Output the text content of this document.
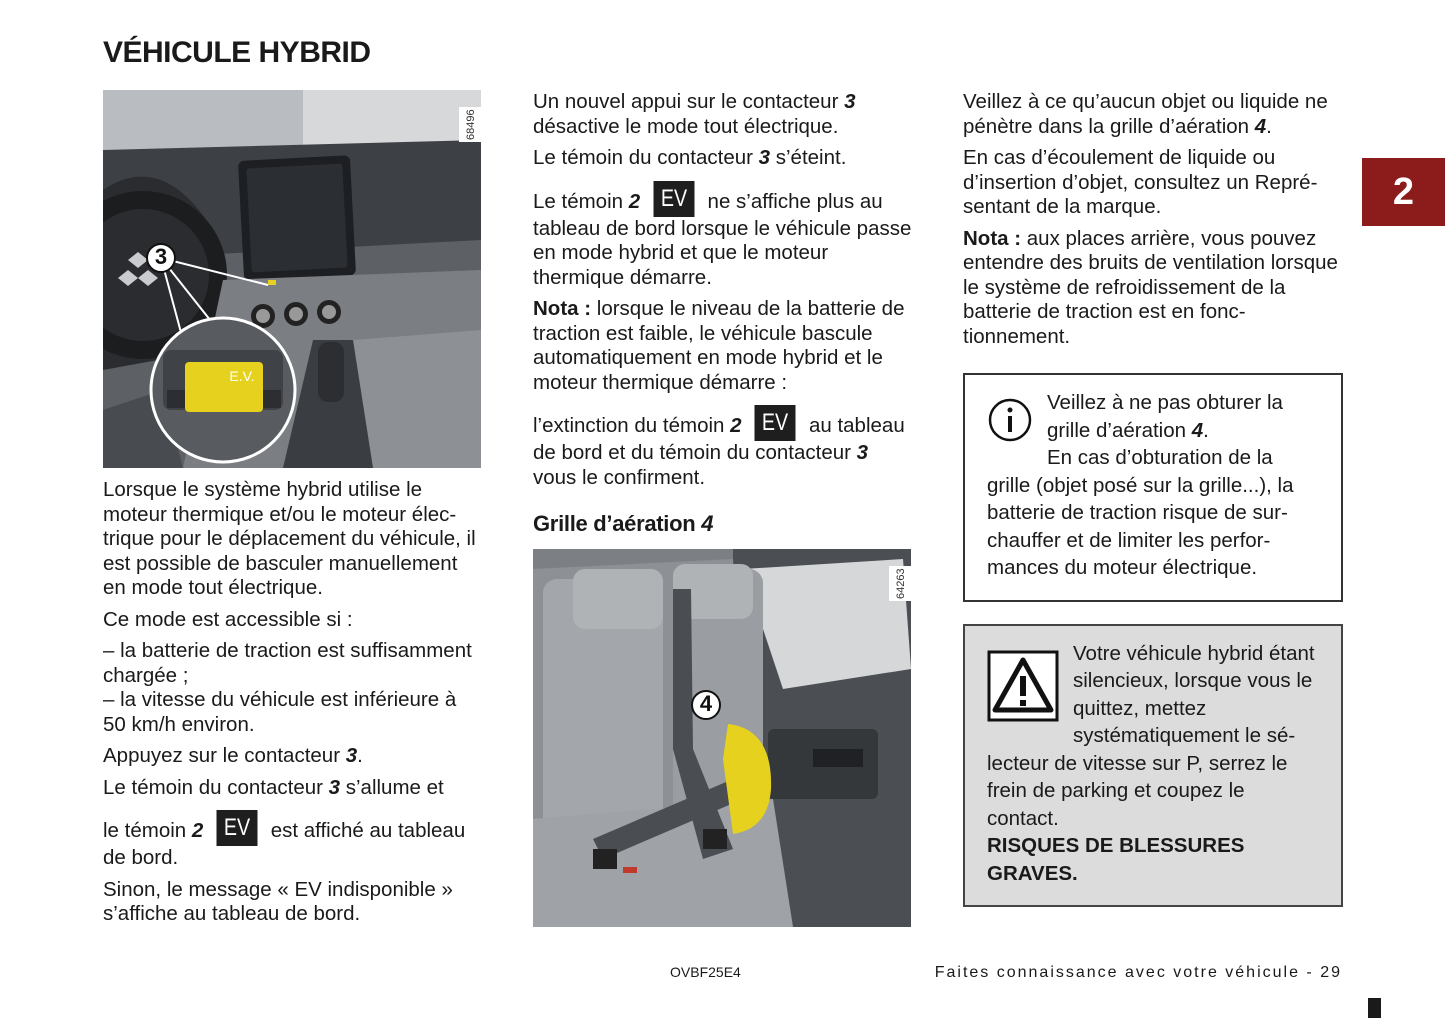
VÉHICULE HYBRID
2
E.V.
3
68496

Lorsque le système hybrid utilise le moteur thermique et/ou le moteur électrique pour le déplacement du véhicule, il est possible de basculer manuellement en mode tout électrique.

Ce mode est accessible si :

– la batterie de traction est suffisamment chargée ;

– la vitesse du véhicule est inférieure à 50 km/h environ.

Appuyez sur le contacteur 3.

Le témoin du contacteur 3 s’allume et

le témoin 2 EV est affiché au tableau de bord.

Sinon, le message « EV indisponible » s’affiche au tableau de bord.

Un nouvel appui sur le contacteur 3 désactive le mode tout électrique.

Le témoin du contacteur 3 s’éteint.

Le témoin 2 EV ne s’affiche plus au tableau de bord lorsque le véhicule passe en mode hybrid et que le moteur thermique démarre.

Nota : lorsque le niveau de la batterie de traction est faible, le véhicule bascule automatiquement en mode hybrid et le moteur thermique démarre :

l’extinction du témoin 2 EV au tableau de bord et du témoin du contacteur 3 vous le confirment.

Grille d’aération 4
4
64263

Veillez à ce qu’aucun objet ou liquide ne pénètre dans la grille d’aération 4.

En cas d’écoulement de liquide ou d’insertion d’objet, consultez un Représentant de la marque.

Nota : aux places arrière, vous pouvez entendre des bruits de ventilation lorsque le système de refroidissement de la batterie de traction est en fonctionnement.

Veillez à ne pas obturer la grille d’aération 4.
En cas d’obturation de la grille (objet posé sur la grille...), la batterie de traction risque de surchauffer et de limiter les performances du moteur électrique.
Votre véhicule hybrid étant silencieux, lorsque vous le quittez, mettez systématiquement le sélecteur de vitesse sur P, serrez le frein de parking et coupez le contact.
RISQUES DE BLESSURES GRAVES.
OVBF25E4	Faites connaissance avec votre véhicule - 29
